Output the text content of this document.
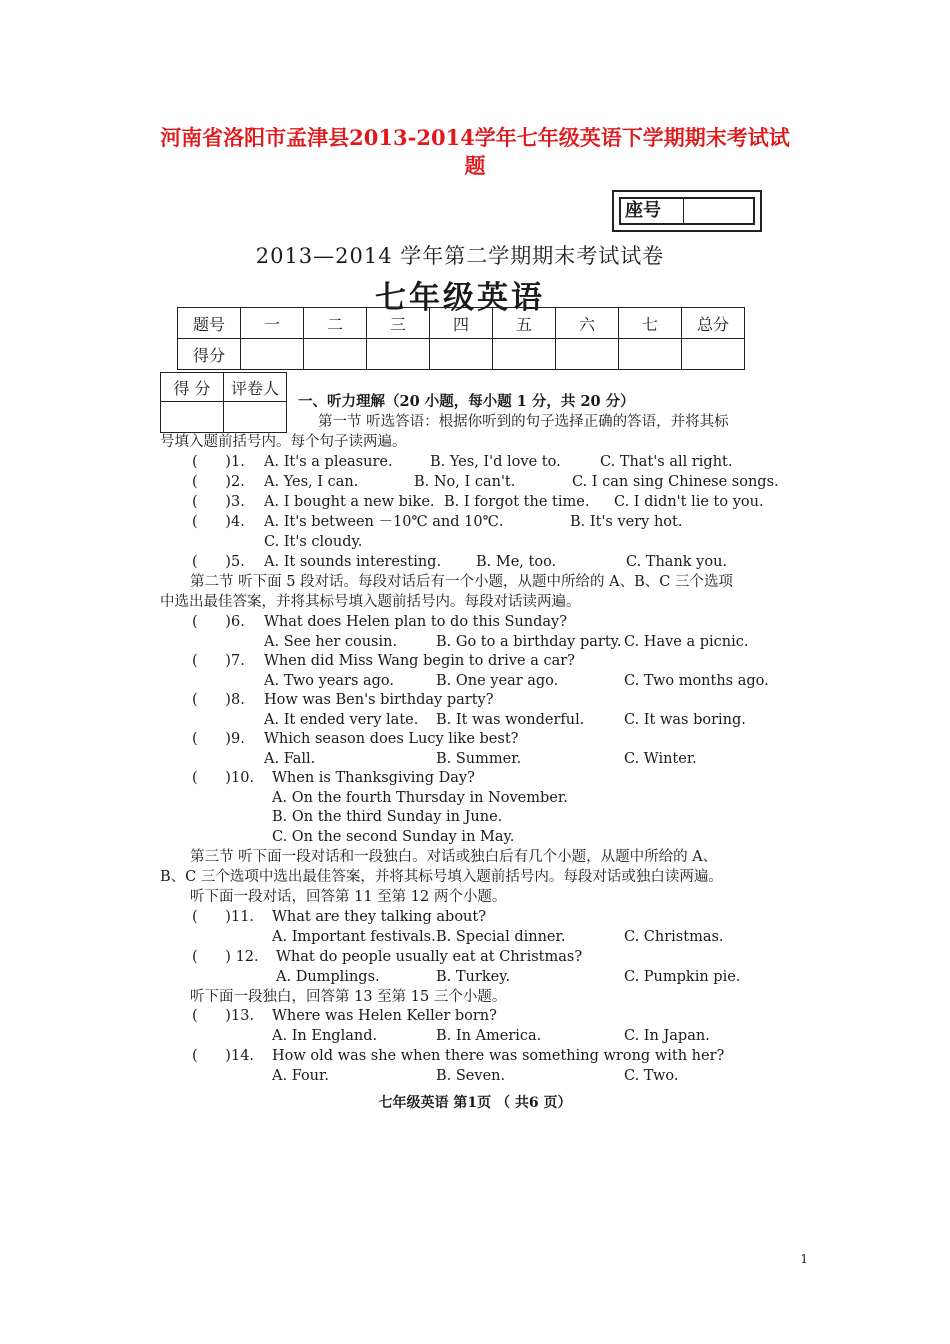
河南省洛阳市孟津县2013-2014学年七年级英语下学期期末考试试
题
座号
2013—2014 学年第二学期期末考试试卷
七年级英语
题号	一	二	三	四	五	六	七	总分
得分								
得 分	评卷人

一、听力理解（20 小题，每小题 1 分，共 20 分）
第一节 听选答语：根据你听到的句子选择正确的答语，并将其标
号填入题前括号内。每个句子读两遍。
(      )1. A. It's a pleasure.	B. Yes, I'd love to.	C. That's all right.
(      )2. A. Yes, I can.	B. No, I can't.	C. I can sing Chinese songs.
(      )3. A. I bought a new bike. B. I forgot the time. C. I didn't lie to you.
(      )4. A. It's between －10℃ and 10℃.	B. It's very hot.
C. It's cloudy.
(      )5. A. It sounds interesting. B. Me, too.	C. Thank you.
第二节 听下面 5 段对话。每段对话后有一个小题，从题中所给的 A、B、C 三个选项
中选出最佳答案，并将其标号填入题前括号内。每段对话读两遍。
(      )6. What does Helen plan to do this Sunday?
A. See her cousin.	B. Go to a birthday party. C. Have a picnic.
(      )7. When did Miss Wang begin to drive a car?
A. Two years ago.	B. One year ago.	C. Two months ago.
(      )8. How was Ben's birthday party?
A. It ended very late. B. It was wonderful.	C. It was boring.
(      )9. Which season does Lucy like best?
A. Fall.	B. Summer.	C. Winter.
(      )10. When is Thanksgiving Day?
A. On the fourth Thursday in November.
B. On the third Sunday in June.
C. On the second Sunday in May.
第三节 听下面一段对话和一段独白。对话或独白后有几个小题，从题中所给的 A、
B、C 三个选项中选出最佳答案，并将其标号填入题前括号内。每段对话或独白读两遍。
听下面一段对话，回答第 11 至第 12 两个小题。
(      )11. What are they talking about?
A. Important festivals. B. Special dinner.	C. Christmas.
(      ) 12. What do people usually eat at Christmas?
A. Dumplings.	B. Turkey.	C. Pumpkin pie.
听下面一段独白，回答第 13 至第 15 三个小题。
(      )13. Where was Helen Keller born?
A. In England.	B. In America.	C. In Japan.
(      )14. How old was she when there was something wrong with her?
A. Four.	B. Seven.	C. Two.
七年级英语 第1页 （ 共6 页）
1
